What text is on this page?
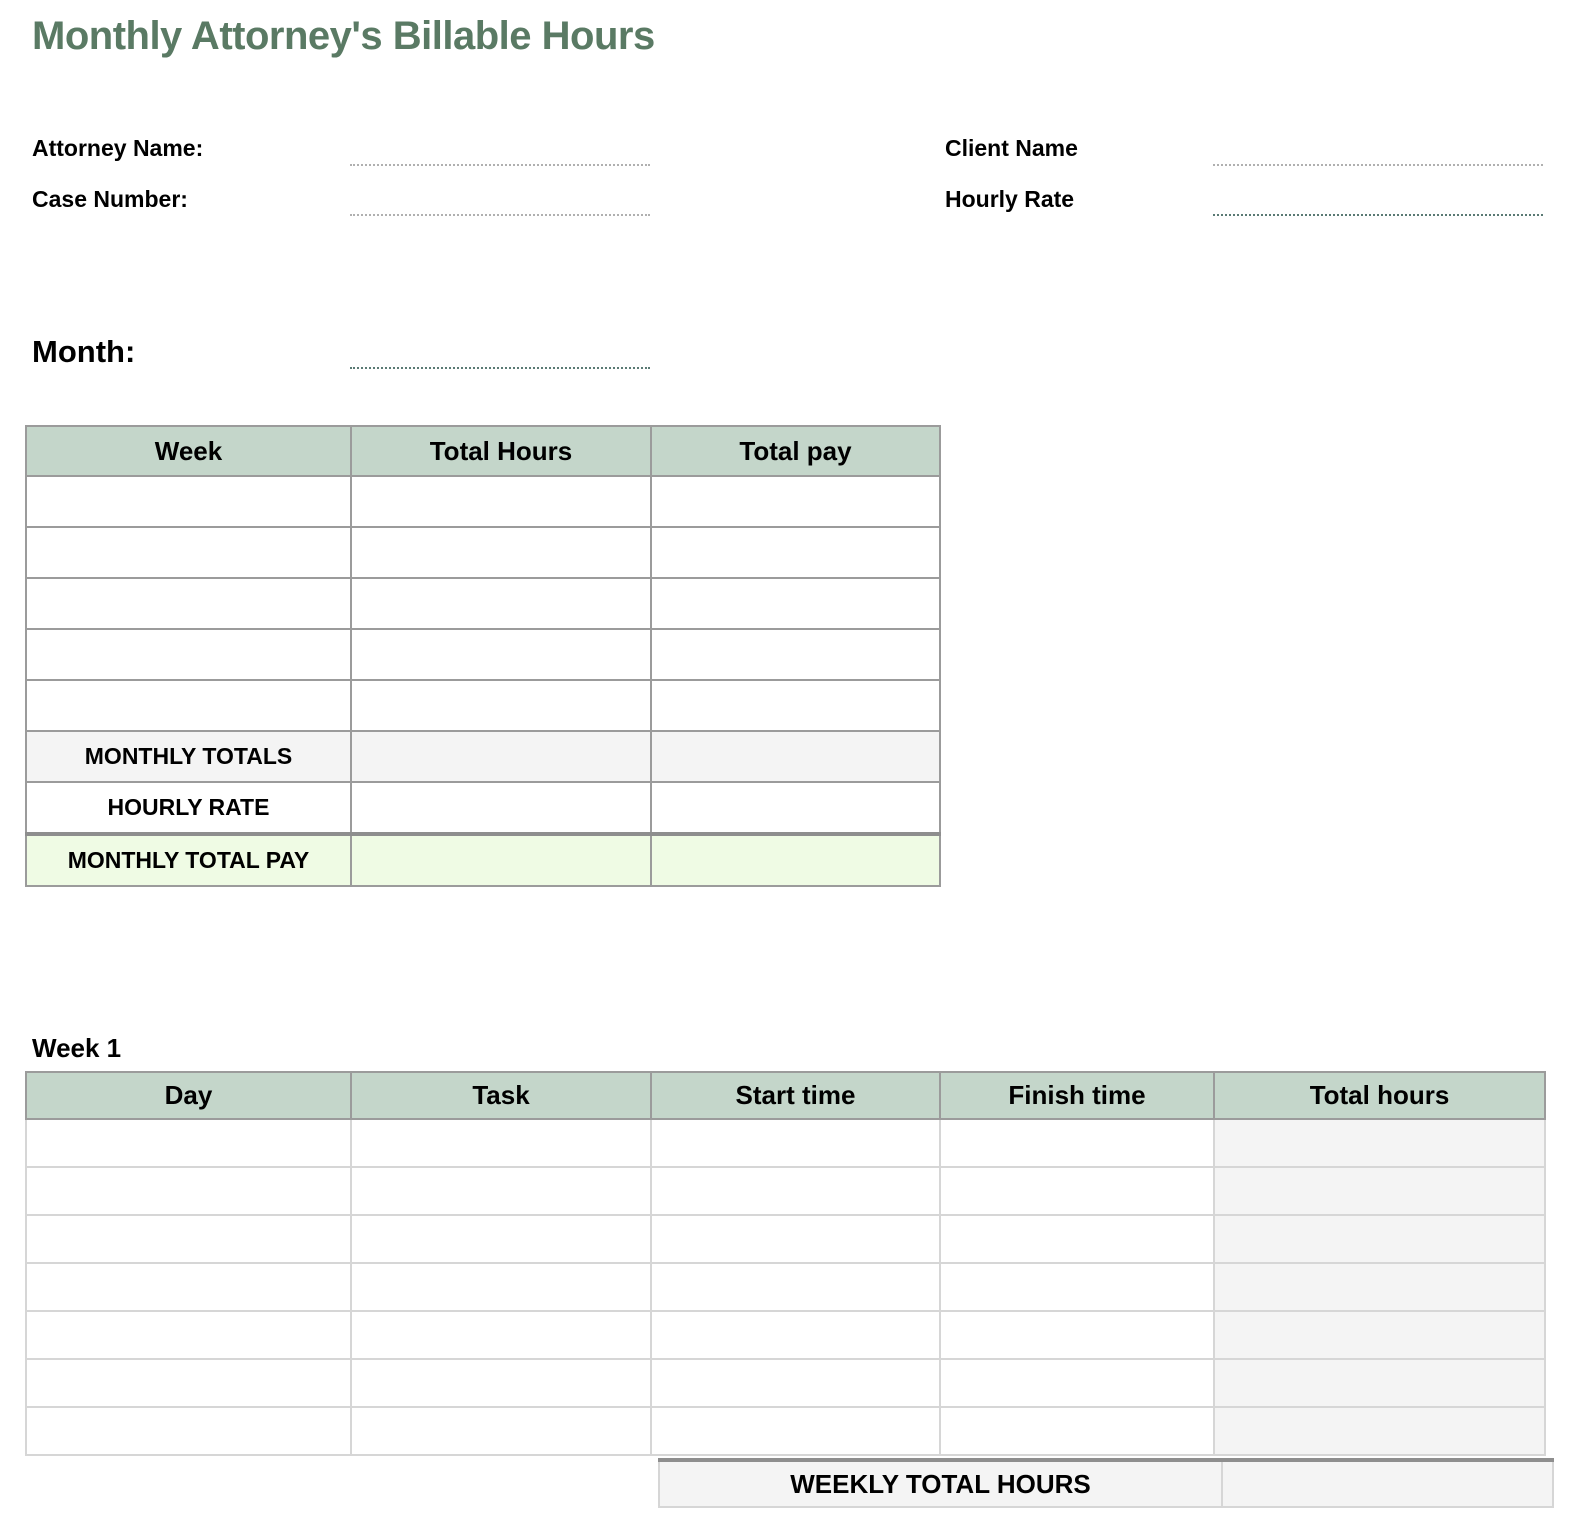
Monthly Attorney's Billable Hours
Attorney Name:
Case Number:
Client Name
Hourly Rate
Month:
Week	Total Hours	Total pay

MONTHLY TOTALS		
HOURLY RATE		
MONTHLY TOTAL PAY		
Week 1
Day	Task	Start time	Finish time	Total hours

WEEKLY TOTAL HOURS	
